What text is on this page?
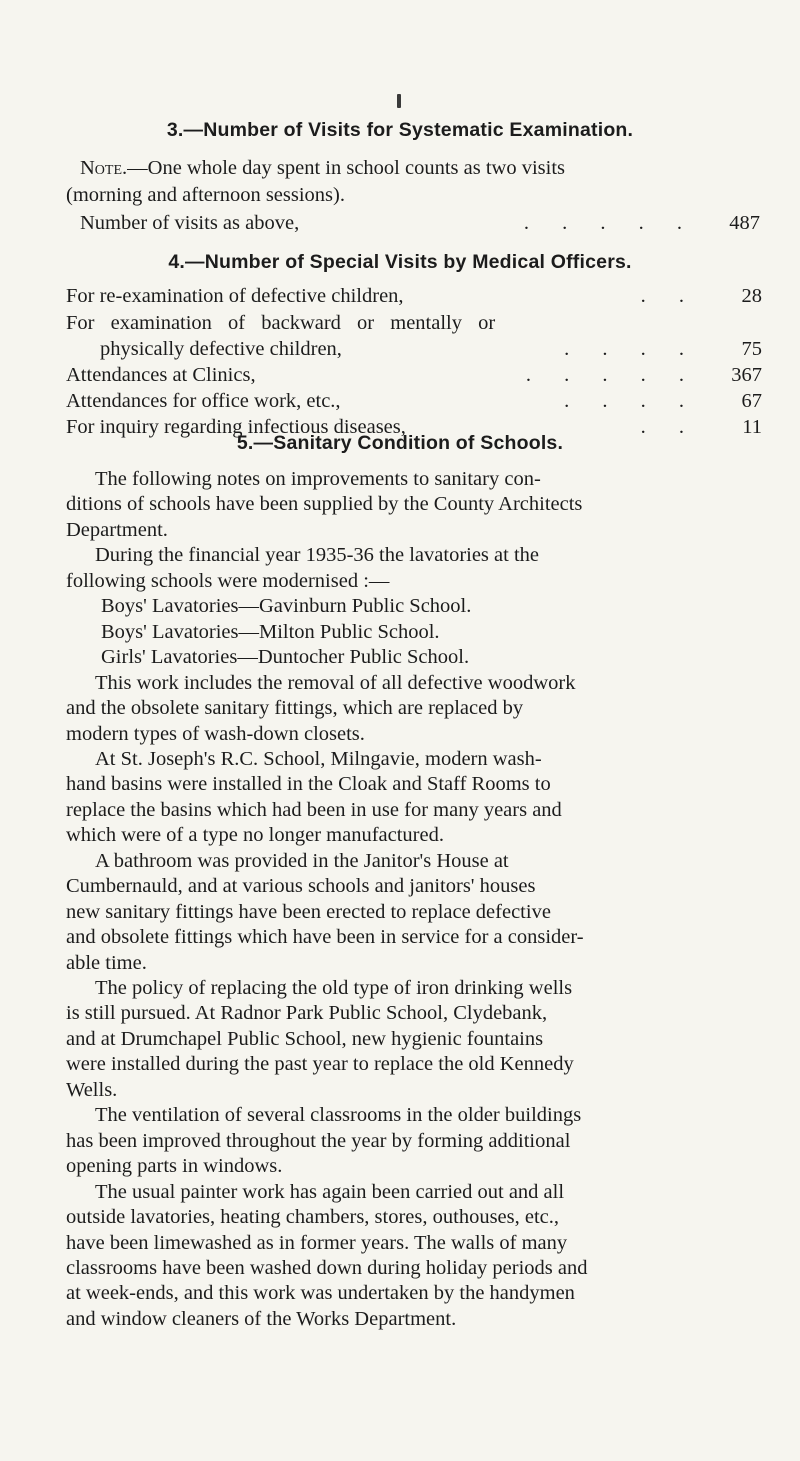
3.—Number of Visits for Systematic Examination.
Note.—One whole day spent in school counts as two visits
(morning and afternoon sessions).
Number of visits as above,	. . . . .	487
4.—Number of Special Visits by Medical Officers.
For re-examination of defective children,	. .	28
For examination of backward or mentally or
physically defective children,	. . . .	75
Attendances at Clinics,	. . . . .	367
Attendances for office work, etc.,	. . . .	67
For inquiry regarding infectious diseases,	. .	11
5.—Sanitary Condition of Schools.
The following notes on improvements to sanitary con-
ditions of schools have been supplied by the County Architects
Department.
During the financial year 1935-36 the lavatories at the
following schools were modernised :—
Boys' Lavatories—Gavinburn Public School.
Boys' Lavatories—Milton Public School.
Girls' Lavatories—Duntocher Public School.
This work includes the removal of all defective woodwork
and the obsolete sanitary fittings, which are replaced by
modern types of wash-down closets.
At St. Joseph's R.C. School, Milngavie, modern wash-
hand basins were installed in the Cloak and Staff Rooms to
replace the basins which had been in use for many years and
which were of a type no longer manufactured.
A bathroom was provided in the Janitor's House at
Cumbernauld, and at various schools and janitors' houses
new sanitary fittings have been erected to replace defective
and obsolete fittings which have been in service for a consider-
able time.
The policy of replacing the old type of iron drinking wells
is still pursued. At Radnor Park Public School, Clydebank,
and at Drumchapel Public School, new hygienic fountains
were installed during the past year to replace the old Kennedy
Wells.
The ventilation of several classrooms in the older buildings
has been improved throughout the year by forming additional
opening parts in windows.
The usual painter work has again been carried out and all
outside lavatories, heating chambers, stores, outhouses, etc.,
have been limewashed as in former years. The walls of many
classrooms have been washed down during holiday periods and
at week-ends, and this work was undertaken by the handymen
and window cleaners of the Works Department.
